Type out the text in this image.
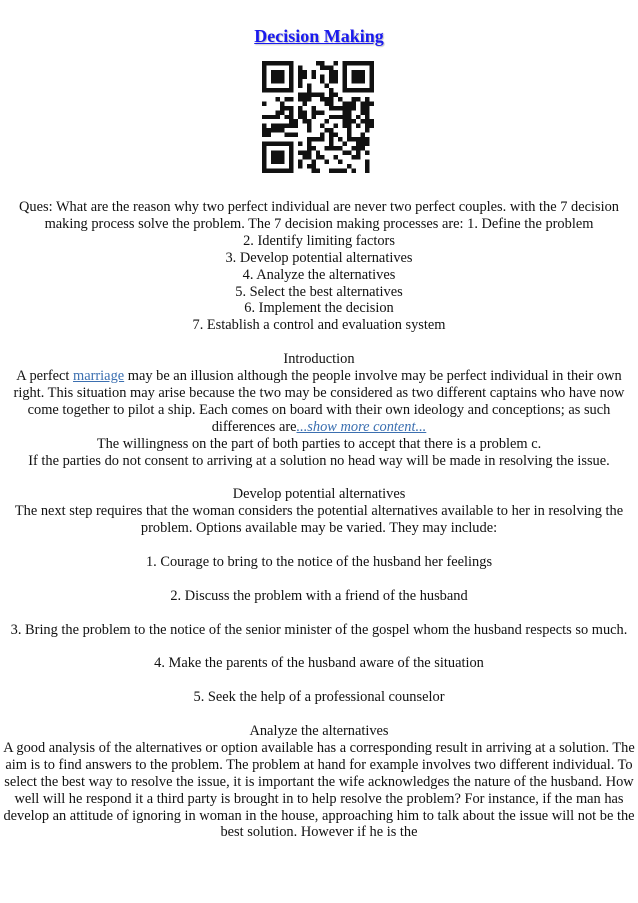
Decision Making

Ques: What are the reason why two perfect individual are never two perfect couples. with the 7 decision making process solve the problem. The 7 decision making processes are: 1. Define the problem

2. Identify limiting factors

3. Develop potential alternatives

4. Analyze the alternatives

5. Select the best alternatives

6. Implement the decision

7. Establish a control and evaluation system

Introduction

A perfect marriage may be an illusion although the people involve may be perfect individual in their own right. This situation may arise because the two may be considered as two different captains who have now come together to pilot a ship. Each comes on board with their own ideology and conceptions; as such differences are...show more content...

The willingness on the part of both parties to accept that there is a problem c.

If the parties do not consent to arriving at a solution no head way will be made in resolving the issue.

Develop potential alternatives

The next step requires that the woman considers the potential alternatives available to her in resolving the problem. Options available may be varied. They may include:

1. Courage to bring to the notice of the husband her feelings

2. Discuss the problem with a friend of the husband

3. Bring the problem to the notice of the senior minister of the gospel whom the husband respects so much.

4. Make the parents of the husband aware of the situation

5. Seek the help of a professional counselor

Analyze the alternatives

A good analysis of the alternatives or option available has a corresponding result in arriving at a solution. The aim is to find answers to the problem. The problem at hand for example involves two different individual. To select the best way to resolve the issue, it is important the wife acknowledges the nature of the husband. How well will he respond it a third party is brought in to help resolve the problem? For instance, if the man has develop an attitude of ignoring in woman in the house, approaching him to talk about the issue will not be the best solution. However if he is the
